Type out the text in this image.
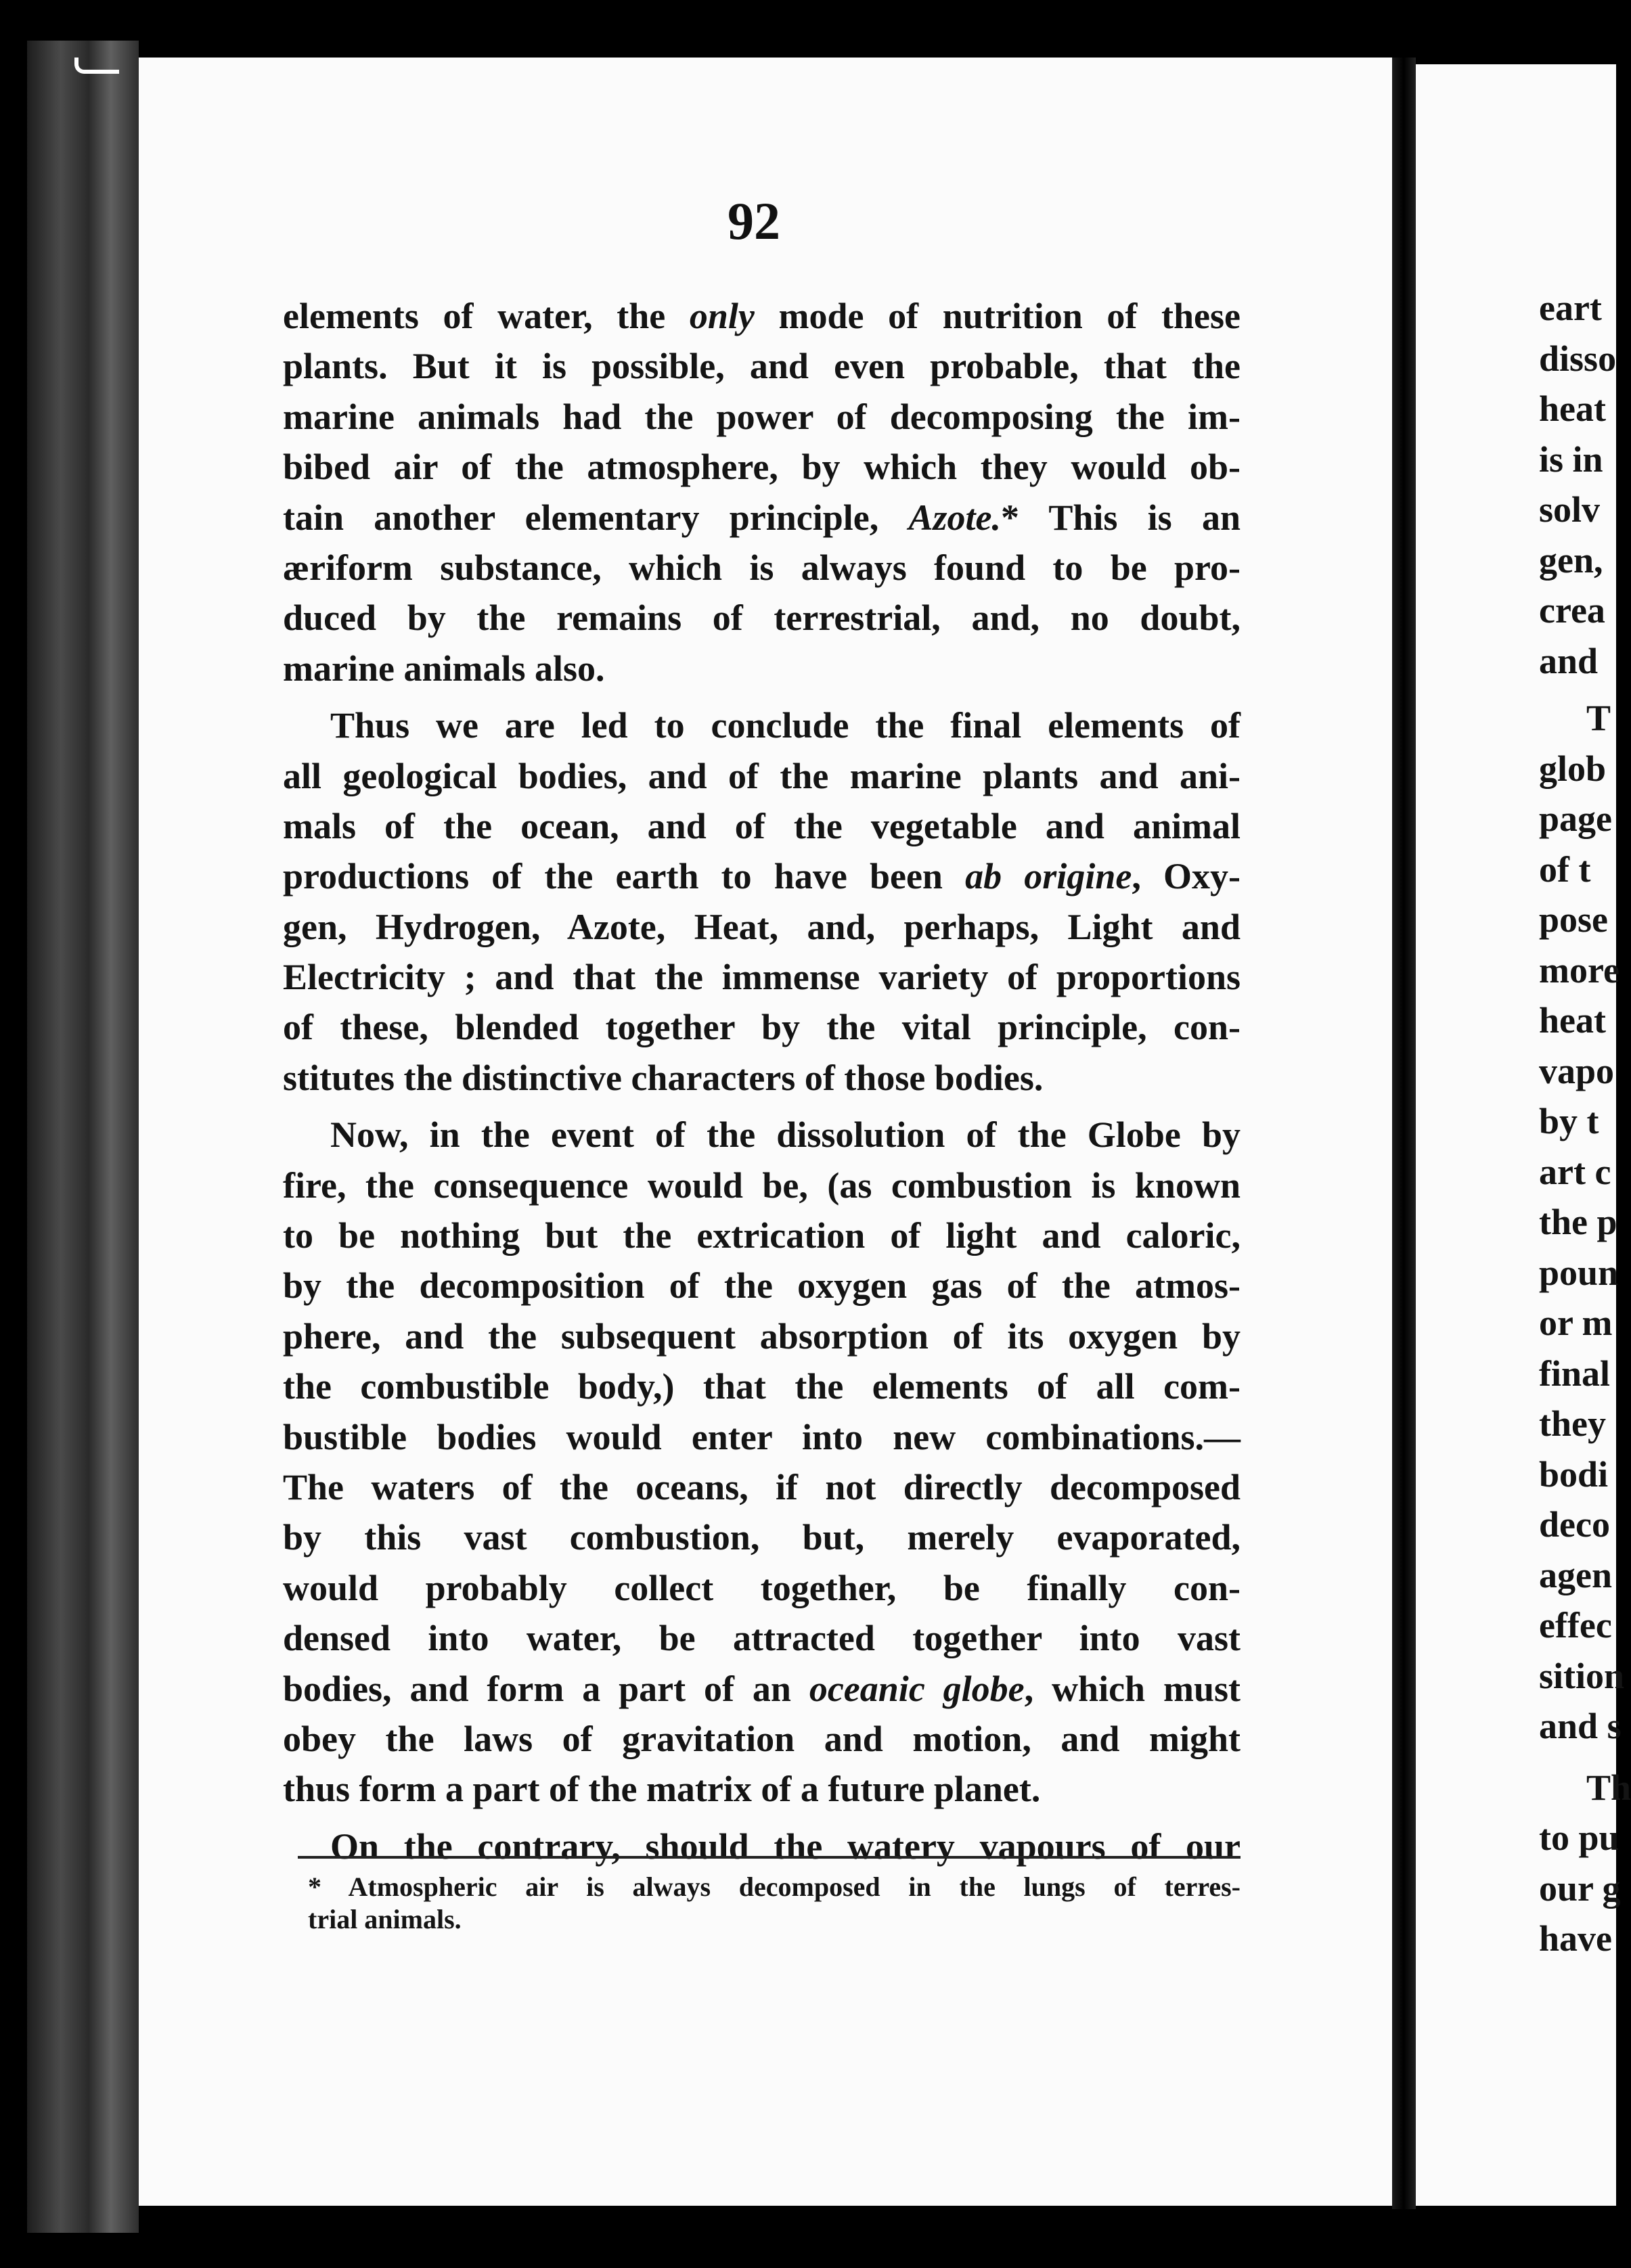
92
elements of water, the only mode of nutrition of these
plants. But it is possible, and even probable, that the
marine animals had the power of decomposing the im-
bibed air of the atmosphere, by which they would ob-
tain another elementary principle, Azote.* This is an
æriform substance, which is always found to be pro-
duced by the remains of terrestrial, and, no doubt,
marine animals also.
Thus we are led to conclude the final elements of
all geological bodies, and of the marine plants and ani-
mals of the ocean, and of the vegetable and animal
productions of the earth to have been ab origine, Oxy-
gen, Hydrogen, Azote, Heat, and, perhaps, Light and
Electricity ; and that the immense variety of proportions
of these, blended together by the vital principle, con-
stitutes the distinctive characters of those bodies.
Now, in the event of the dissolution of the Globe by
fire, the consequence would be, (as combustion is known
to be nothing but the extrication of light and caloric,
by the decomposition of the oxygen gas of the atmos-
phere, and the subsequent absorption of its oxygen by
the combustible body,) that the elements of all com-
bustible bodies would enter into new combinations.—
The waters of the oceans, if not directly decomposed
by this vast combustion, but, merely evaporated,
would probably collect together, be finally con-
densed into water, be attracted together into vast
bodies, and form a part of an oceanic globe, which must
obey the laws of gravitation and motion, and might
thus form a part of the matrix of a future planet.
On the contrary, should the watery vapours of our
* Atmospheric air is always decomposed in the lungs of terres-
trial animals.
eart
disso
heat
is in
solv
gen,
crea
and
T
glob
page
of t
pose
more
heat
vapo
by t
art c
the p
poun
or m
final
they
bodi
deco
agen
effec
sition
and s
Th
to pu
our g
have
